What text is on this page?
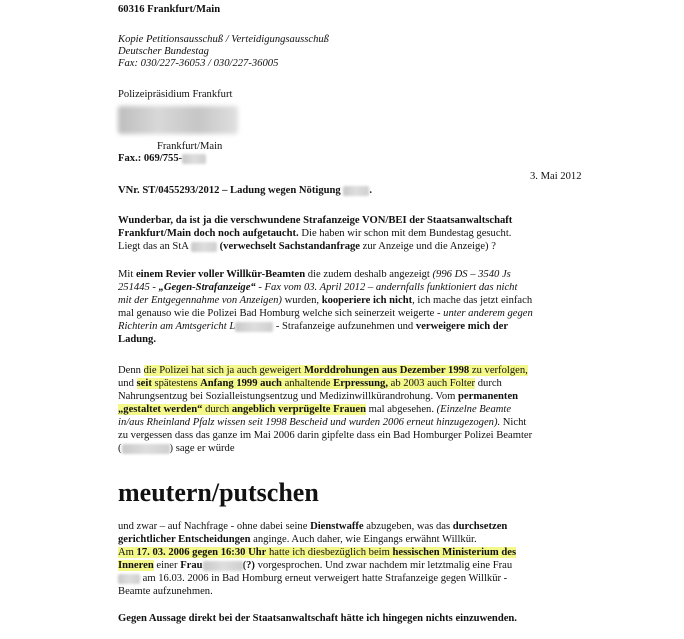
60316 Frankfurt/Main
Kopie Petitionsausschuß / Verteidigungsausschuß
Deutscher Bundestag
Fax: 030/227-36053 / 030/227-36005
Polizeipräsidium Frankfurt
Frankfurt/Main
Fax.: 069/755-
3. Mai 2012
VNr. ST/0455293/2012 – Ladung wegen Nötigung	.
Wunderbar, da ist ja die verschwundene Strafanzeige VON/BEI der Staatsanwaltschaft
Frankfurt/Main doch noch aufgetaucht. Die haben wir schon mit dem Bundestag gesucht.
Liegt das an StA	(verwechselt Sachstandanfrage zur Anzeige und die Anzeige) ?
Mit einem Revier voller Willkür-Beamten die zudem deshalb angezeigt (996 DS – 3540 Js
251445 - „Gegen-Strafanzeige“ - Fax vom 03. April 2012 – andernfalls funktioniert das nicht
mit der Entgegennahme von Anzeigen) wurden, kooperiere ich nicht, ich mache das jetzt einfach
mal genauso wie die Polizei Bad Homburg welche sich seinerzeit weigerte - unter anderem gegen
Richterin am Amtsgericht L	- Strafanzeige aufzunehmen und verweigere mich der
Ladung.
Denn die Polizei hat sich ja auch geweigert Morddrohungen aus Dezember 1998 zu verfolgen,
und seit spätestens Anfang 1999 auch anhaltende Erpressung, ab 2003 auch Folter durch
Nahrungsentzug bei Sozialleistungsentzug und Medizinwillkürandrohung. Vom permanenten
„gestaltet werden“ durch angeblich verprügelte Frauen mal abgesehen. (Einzelne Beamte
in/aus Rheinland Pfalz wissen seit 1998 Bescheid und wurden 2006 erneut hinzugezogen). Nicht
zu vergessen dass das ganze im Mai 2006 darin gipfelte dass ein Bad Homburger Polizei Beamter
(	) sage er würde
meutern/putschen
und zwar – auf Nachfrage - ohne dabei seine Dienstwaffe abzugeben, was das durchsetzen
gerichtlicher Entscheidungen anginge. Auch daher, wie Eingangs erwähnt Willkür.
Am 17. 03. 2006 gegen 16:30 Uhr hatte ich diesbezüglich beim hessischen Ministerium des
Inneren einer Frau	(?) vorgesprochen. Und zwar nachdem mir letztmalig eine Frau
am 16.03. 2006 in Bad Homburg erneut verweigert hatte Strafanzeige gegen Willkür -
Beamte aufzunehmen.
Gegen Aussage direkt bei der Staatsanwaltschaft hätte ich hingegen nichts einzuwenden.
